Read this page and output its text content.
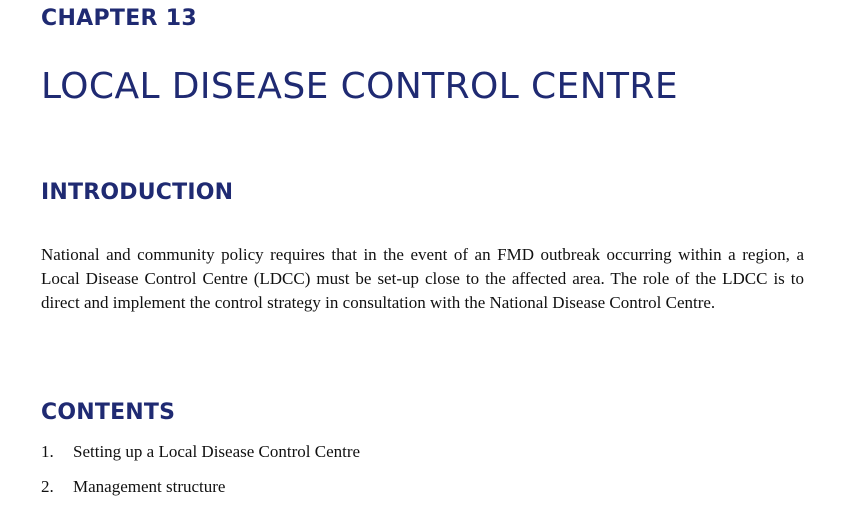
CHAPTER 13
LOCAL DISEASE CONTROL CENTRE
INTRODUCTION
National and community policy requires that in the event of an FMD outbreak occurring within a region, a Local Disease Control Centre (LDCC) must be set-up close to the affected area. The role of the LDCC is to direct and implement the control strategy in consultation with the National Disease Control Centre.
CONTENTS
1.	Setting up a Local Disease Control Centre
2.	Management structure
